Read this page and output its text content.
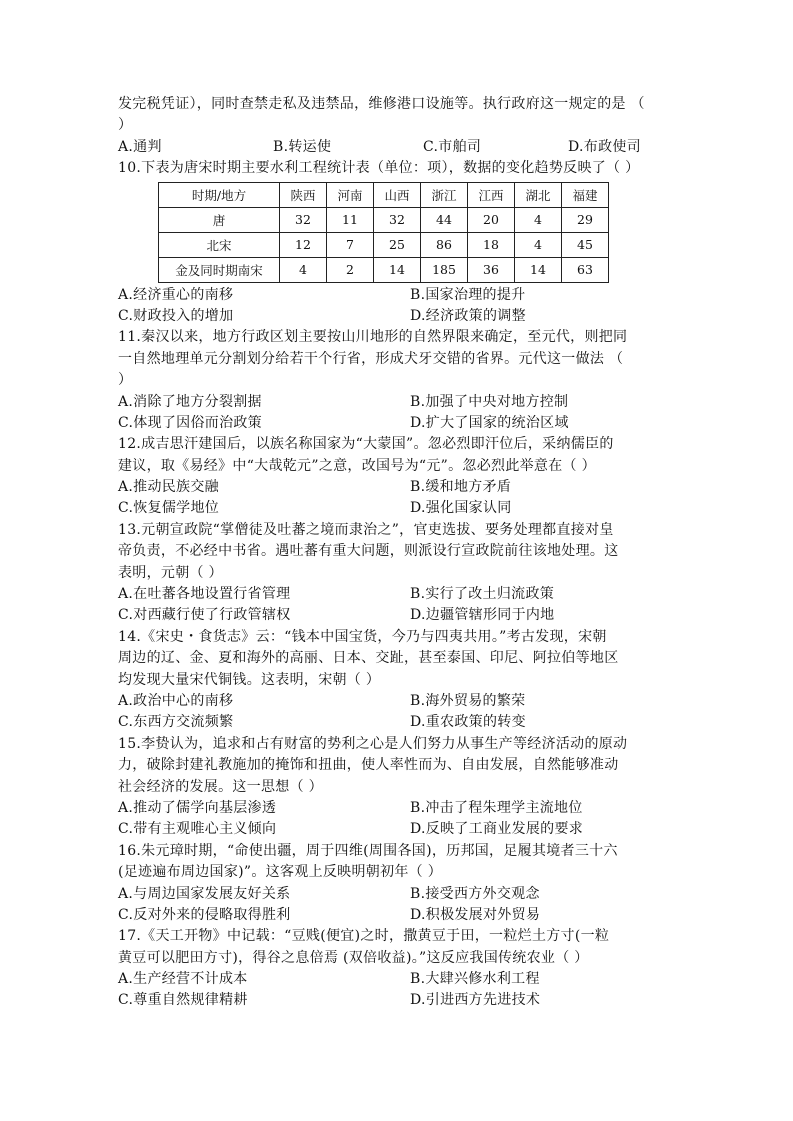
发完税凭证），同时查禁走私及违禁品，维修港口设施等。执行政府这一规定的是 （
）
A.通判	B.转运使	C.市舶司	D.布政使司
10.下表为唐宋时期主要水利工程统计表（单位：项），数据的变化趋势反映了（ ）
时期/地方	陕西	河南	山西	浙江	江西	湖北	福建
唐	32	11	32	44	20	4	29
北宋	12	7	25	86	18	4	45
金及同时期南宋	4	2	14	185	36	14	63
A.经济重心的南移	B.国家治理的提升
C.财政投入的增加	D.经济政策的调整
11.秦汉以来，地方行政区划主要按山川地形的自然界限来确定，至元代，则把同
一自然地理单元分割划分给若干个行省，形成犬牙交错的省界。元代这一做法 （
）
A.消除了地方分裂割据	B.加强了中央对地方控制
C.体现了因俗而治政策	D.扩大了国家的统治区域
12.成吉思汗建国后，以族名称国家为“大蒙国”。忽必烈即汗位后，采纳儒臣的
建议，取《易经》中“大哉乾元”之意，改国号为“元”。忽必烈此举意在（ ）
A.推动民族交融	B.缓和地方矛盾
C.恢复儒学地位	D.强化国家认同
13.元朝宣政院“掌僧徒及吐蕃之境而隶治之”，官吏选拔、要务处理都直接对皇
帝负责，不必经中书省。遇吐蕃有重大问题，则派设行宣政院前往该地处理。这
表明，元朝（ ）
A.在吐蕃各地设置行省管理	B.实行了改土归流政策
C.对西藏行使了行政管辖权	D.边疆管辖形同于内地
14.《宋史・食货志》云：“钱本中国宝货，今乃与四夷共用。”考古发现，宋朝
周边的辽、金、夏和海外的高丽、日本、交趾，甚至泰国、印尼、阿拉伯等地区
均发现大量宋代铜钱。这表明，宋朝（ ）
A.政治中心的南移	B.海外贸易的繁荣
C.东西方交流频繁	D.重农政策的转变
15.李贽认为，追求和占有财富的势利之心是人们努力从事生产等经济活动的原动
力，破除封建礼教施加的掩饰和扭曲，使人率性而为、自由发展，自然能够准动
社会经济的发展。这一思想（ ）
A.推动了儒学向基层渗透	B.冲击了程朱理学主流地位
C.带有主观唯心主义倾向	D.反映了工商业发展的要求
16.朱元璋时期，“命使出疆，周于四维(周围各国)，历邦国，足履其境者三十六
(足迹遍布周边国家)”。这客观上反映明朝初年（ ）
A.与周边国家发展友好关系	B.接受西方外交观念
C.反对外来的侵略取得胜利	D.积极发展对外贸易
17.《天工开物》中记载：“豆贱(便宜)之时，撒黄豆于田，一粒烂土方寸(一粒
黄豆可以肥田方寸)，得谷之息倍焉 (双倍收益)。”这反应我国传统农业（ ）
A.生产经营不计成本	B.大肆兴修水利工程
C.尊重自然规律精耕	D.引进西方先进技术
